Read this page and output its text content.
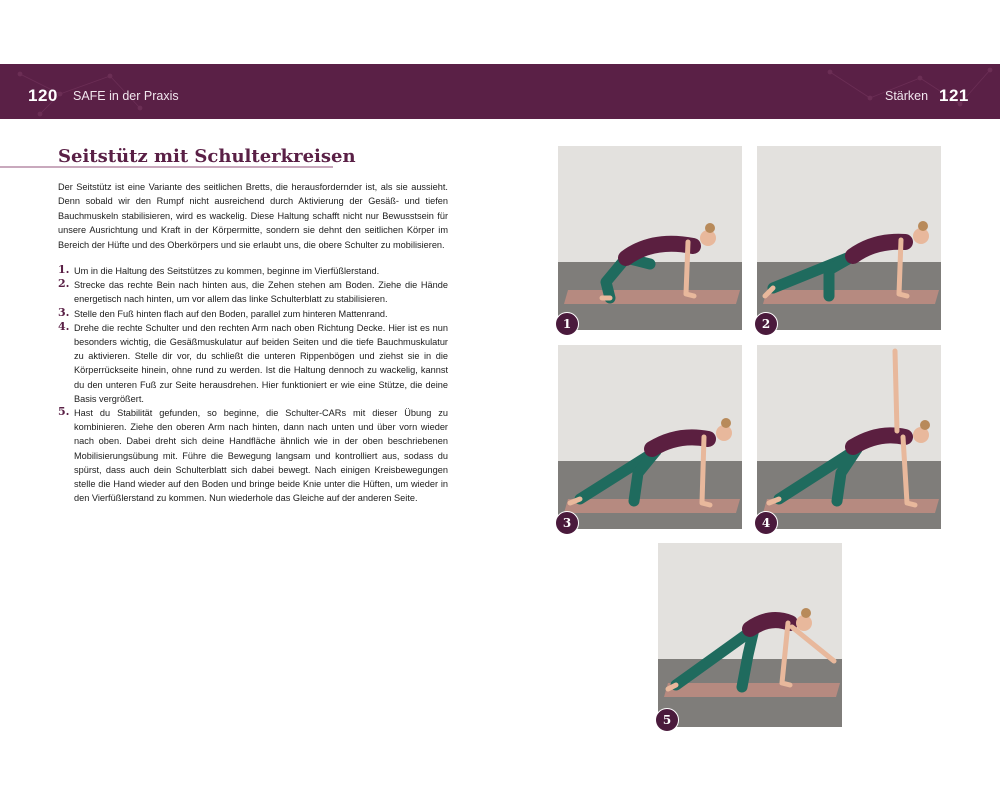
120 SAFE in der Praxis	Stärken 121
Seitstütz mit Schulterkreisen
Der Seitstütz ist eine Variante des seitlichen Bretts, die herausfordernder ist, als sie aussieht. Denn sobald wir den Rumpf nicht ausreichend durch Aktivierung der Gesäß- und tiefen Bauchmuskeln stabilisieren, wird es wackelig. Diese Haltung schafft nicht nur Bewusstsein für unsere Ausrichtung und Kraft in der Körpermitte, sondern sie dehnt den seitlichen Körper im Bereich der Hüfte und des Oberkörpers und sie erlaubt uns, die obere Schulter zu mobilisieren.
1. Um in die Haltung des Seitstützes zu kommen, beginne im Vierfüßlerstand.
2. Strecke das rechte Bein nach hinten aus, die Zehen stehen am Boden. Ziehe die Hände energetisch nach hinten, um vor allem das linke Schulterblatt zu stabilisieren.
3. Stelle den Fuß hinten flach auf den Boden, parallel zum hinteren Mattenrand.
4. Drehe die rechte Schulter und den rechten Arm nach oben Richtung Decke. Hier ist es nun besonders wichtig, die Gesäßmuskulatur auf beiden Seiten und die tiefe Bauchmuskulatur zu aktivieren. Stelle dir vor, du schließt die unteren Rippenbögen und ziehst sie in die Körperrückseite hinein, ohne rund zu werden. Ist die Haltung dennoch zu wackelig, kannst du den unteren Fuß zur Seite herausdrehen. Hier funktioniert er wie eine Stütze, die deine Basis vergrößert.
5. Hast du Stabilität gefunden, so beginne, die Schulter-CARs mit dieser Übung zu kombinieren. Ziehe den oberen Arm nach hinten, dann nach unten und über vorn wieder nach oben. Dabei dreht sich deine Handfläche ähnlich wie in der oben beschriebenen Mobilisierungsübung mit. Führe die Bewegung langsam und kontrolliert aus, sodass du spürst, dass auch dein Schulterblatt sich dabei bewegt. Nach einigen Kreisbewegungen stelle die Hand wieder auf den Boden und bringe beide Knie unter die Hüften, um wieder in den Vierfüßlerstand zu kommen. Nun wiederhole das Gleiche auf der anderen Seite.
1	2
3	4
5
